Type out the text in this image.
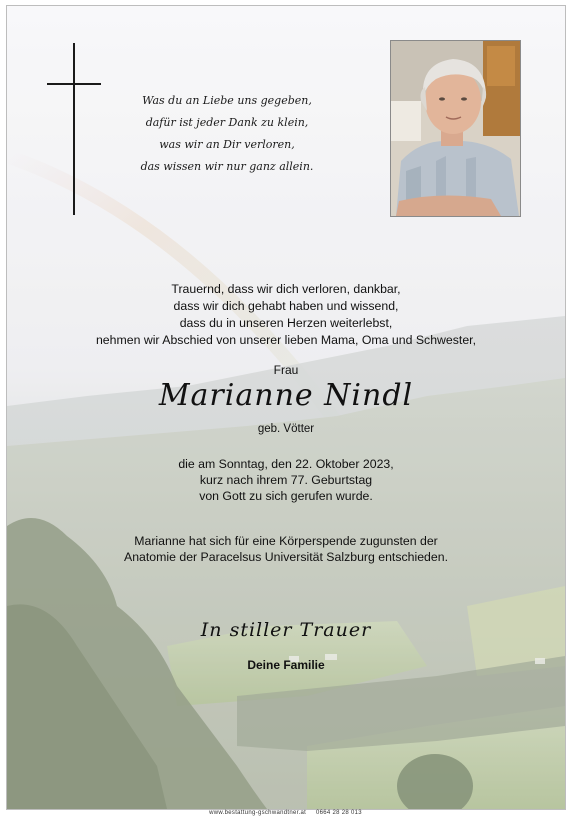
Was du an Liebe uns gegeben,
dafür ist jeder Dank zu klein,
was wir an Dir verloren,
das wissen wir nur ganz allein.
Trauernd, dass wir dich verloren, dankbar,
dass wir dich gehabt haben und wissend,
dass du in unseren Herzen weiterlebst,
nehmen wir Abschied von unserer lieben Mama, Oma und Schwester,
Frau
Marianne Nindl
geb. Vötter
die am Sonntag, den 22. Oktober 2023,
kurz nach ihrem 77. Geburtstag
von Gott zu sich gerufen wurde.
Marianne hat sich für eine Körperspende zugunsten der
Anatomie der Paracelsus Universität Salzburg entschieden.
In stiller Trauer
Deine Familie
www.bestattung-gschwandtner.at     0664 28 28 013
